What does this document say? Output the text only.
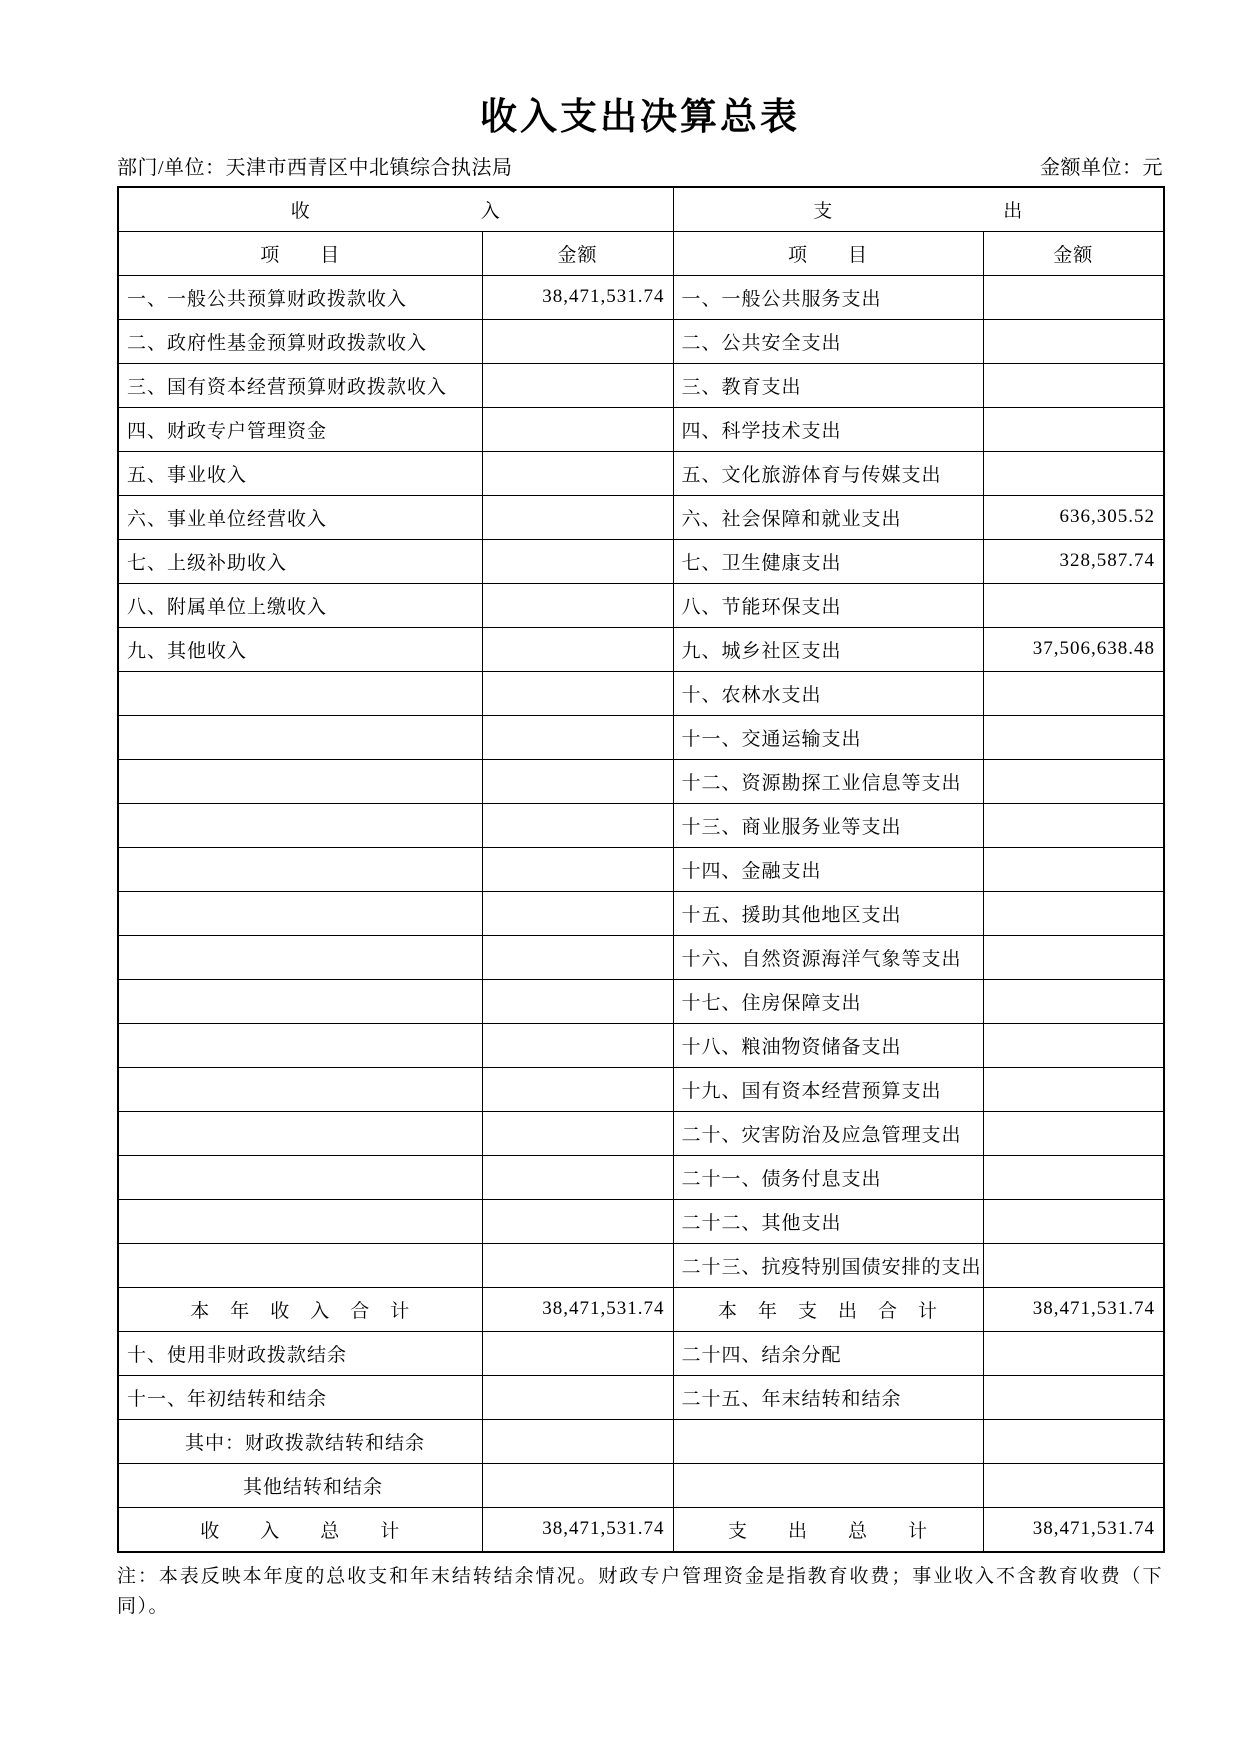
收入支出决算总表
部门/单位：天津市西青区中北镇综合执法局	金额单位：元
收 入		支 出	

项　　目	金额	项　　目	金额
一、一般公共预算财政拨款收入	38,471,531.74	一、一般公共服务支出	
二、政府性基金预算财政拨款收入		二、公共安全支出	
三、国有资本经营预算财政拨款收入		三、教育支出	
四、财政专户管理资金		四、科学技术支出	
五、事业收入		五、文化旅游体育与传媒支出	
六、事业单位经营收入		六、社会保障和就业支出	636,305.52
七、上级补助收入		七、卫生健康支出	328,587.74
八、附属单位上缴收入		八、节能环保支出	
九、其他收入		九、城乡社区支出	37,506,638.48
		十、农林水支出	
		十一、交通运输支出	
		十二、资源勘探工业信息等支出	
		十三、商业服务业等支出	
		十四、金融支出	
		十五、援助其他地区支出	
		十六、自然资源海洋气象等支出	
		十七、住房保障支出	
		十八、粮油物资储备支出	
		十九、国有资本经营预算支出	
		二十、灾害防治及应急管理支出	
		二十一、债务付息支出	
		二十二、其他支出	
		二十三、抗疫特别国债安排的支出	
本　年　收　入　合　计	38,471,531.74	本　年　支　出　合　计	38,471,531.74
十、使用非财政拨款结余		二十四、结余分配	
十一、年初结转和结余		二十五、年末结转和结余	
其中：财政拨款结转和结余			
其他结转和结余			
收　　入　　总　　计	38,471,531.74	支　　出　　总　　计	38,471,531.74
注：本表反映本年度的总收支和年末结转结余情况。财政专户管理资金是指教育收费；事业收入不含教育收费（下同）。
